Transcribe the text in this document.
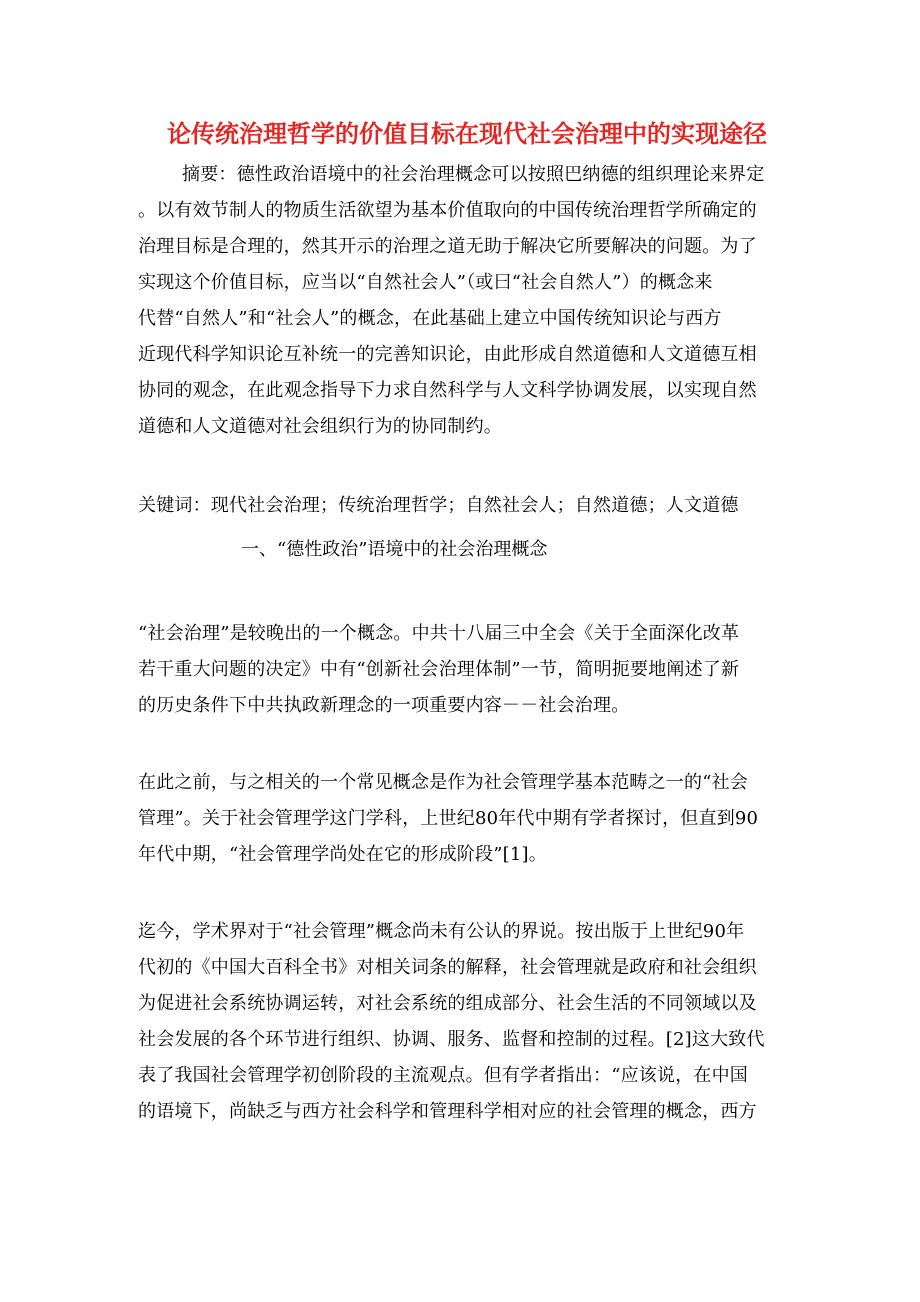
论传统治理哲学的价值目标在现代社会治理中的实现途径
摘要：德性政治语境中的社会治理概念可以按照巴纳德的组织理论来界定
。以有效节制人的物质生活欲望为基本价值取向的中国传统治理哲学所确定的
治理目标是合理的，然其开示的治理之道无助于解决它所要解决的问题。为了
实现这个价值目标，应当以“自然社会人”（或曰“社会自然人”）的概念来
代替“自然人”和“社会人”的概念，在此基础上建立中国传统知识论与西方
近现代科学知识论互补统一的完善知识论，由此形成自然道德和人文道德互相
协同的观念，在此观念指导下力求自然科学与人文科学协调发展，以实现自然
道德和人文道德对社会组织行为的协同制约。
关键词：现代社会治理；传统治理哲学；自然社会人；自然道德；人文道德
一、“德性政治”语境中的社会治理概念
“社会治理”是较晚出的一个概念。中共十八届三中全会《关于全面深化改革
若干重大问题的决定》中有“创新社会治理体制”一节，简明扼要地阐述了新
的历史条件下中共执政新理念的一项重要内容－－社会治理。
在此之前，与之相关的一个常见概念是作为社会管理学基本范畴之一的“社会
管理”。关于社会管理学这门学科，上世纪80年代中期有学者探讨，但直到90
年代中期，“社会管理学尚处在它的形成阶段”[1]。
迄今，学术界对于“社会管理”概念尚未有公认的界说。按出版于上世纪90年
代初的《中国大百科全书》对相关词条的解释，社会管理就是政府和社会组织
为促进社会系统协调运转，对社会系统的组成部分、社会生活的不同领域以及
社会发展的各个环节进行组织、协调、服务、监督和控制的过程。[2]这大致代
表了我国社会管理学初创阶段的主流观点。但有学者指出：“应该说，在中国
的语境下，尚缺乏与西方社会科学和管理科学相对应的社会管理的概念，西方
